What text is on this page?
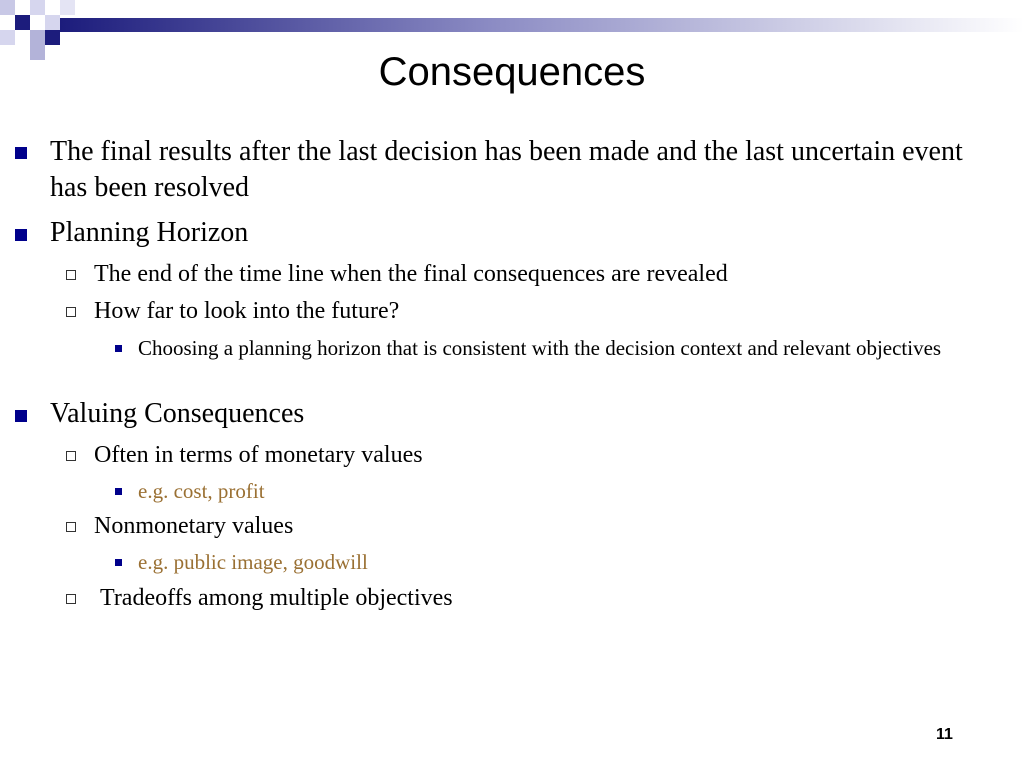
Consequences
The final results after the last decision has been made and the last uncertain event has been resolved
Planning Horizon
The end of the time line when the final consequences are revealed
How far to look into the future?
Choosing a planning horizon that is consistent with the decision context and relevant objectives
Valuing Consequences
Often in terms of monetary values
e.g. cost, profit
Nonmonetary values
e.g. public image, goodwill
Tradeoffs among multiple objectives
11
